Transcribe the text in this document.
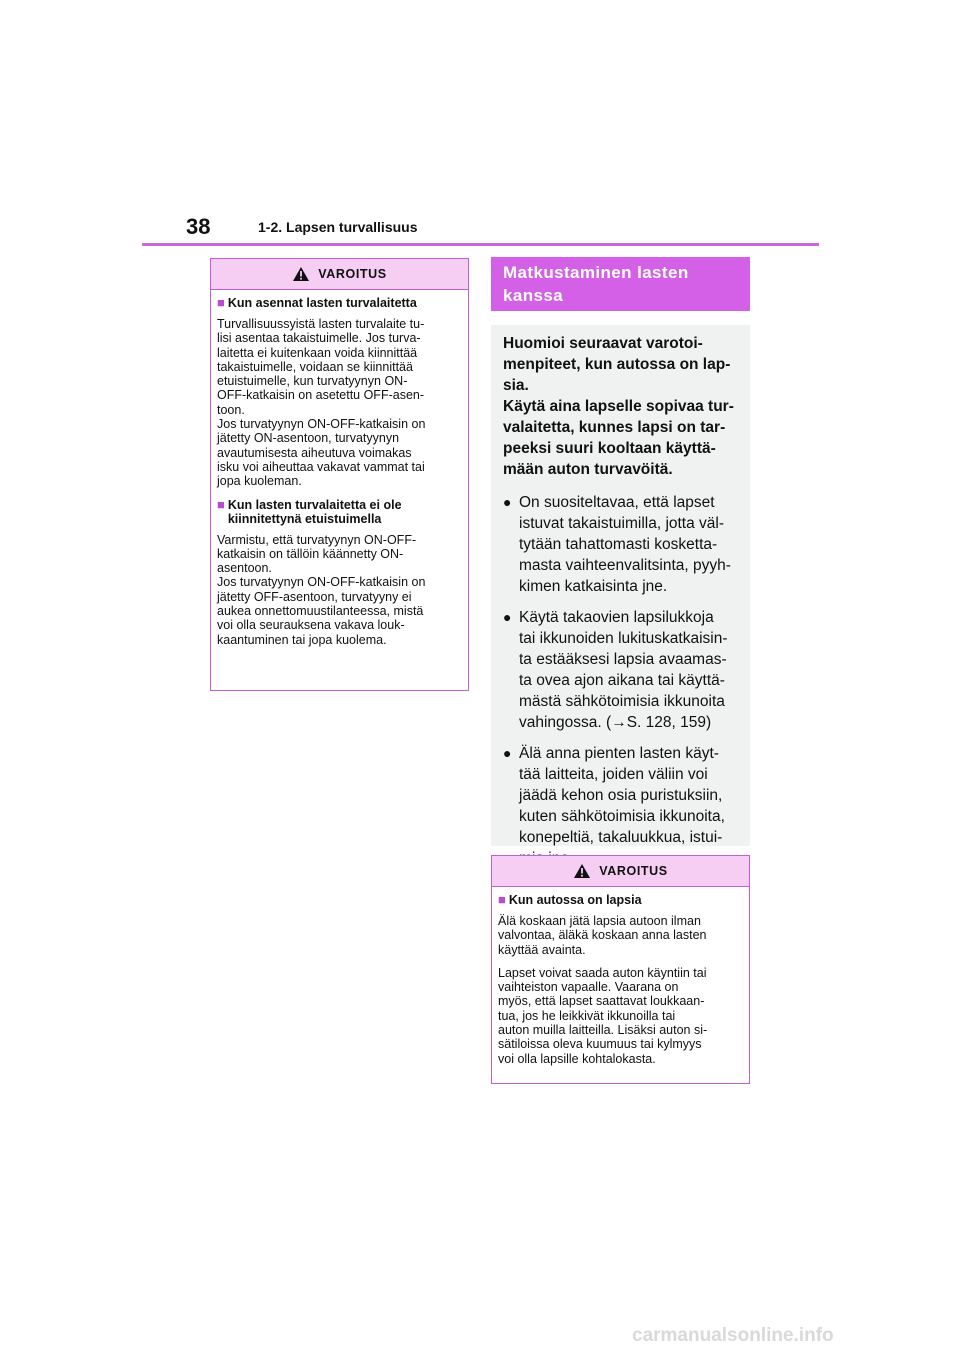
38	1-2. Lapsen turvallisuus
VAROITUS
■ Kun asennat lasten turvalaitetta
Turvallisuussyistä lasten turvalaite tu-
lisi asentaa takaistuimelle. Jos turva-
laitetta ei kuitenkaan voida kiinnittää
takaistuimelle, voidaan se kiinnittää
etuistuimelle, kun turvatyynyn ON-
OFF-katkaisin on asetettu OFF-asen-
toon.
Jos turvatyynyn ON-OFF-katkaisin on
jätetty ON-asentoon, turvatyynyn
avautumisesta aiheutuva voimakas
isku voi aiheuttaa vakavat vammat tai
jopa kuoleman.
■ Kun lasten turvalaitetta ei ole
kiinnitettynä etuistuimella
Varmistu, että turvatyynyn ON-OFF-
katkaisin on tällöin käännetty ON-
asentoon.
Jos turvatyynyn ON-OFF-katkaisin on
jätetty OFF-asentoon, turvatyyny ei
aukea onnettomuustilanteessa, mistä
voi olla seurauksena vakava louk-
kaantuminen tai jopa kuolema.
Matkustaminen lasten
kanssa
Huomioi seuraavat varotoi-
menpiteet, kun autossa on lap-
sia.
Käytä aina lapselle sopivaa tur-
valaitetta, kunnes lapsi on tar-
peeksi suuri kooltaan käyttä-
mään auton turvavöitä.
● On suositeltavaa, että lapset
istuvat takaistuimilla, jotta väl-
tytään tahattomasti kosketta-
masta vaihteenvalitsinta, pyyh-
kimen katkaisinta jne.
● Käytä takaovien lapsilukkoja
tai ikkunoiden lukituskatkaisin-
ta estääksesi lapsia avaamas-
ta ovea ajon aikana tai käyttä-
mästä sähkötoimisia ikkunoita
vahingossa. (→S. 128, 159)
● Älä anna pienten lasten käyt-
tää laitteita, joiden väliin voi
jäädä kehon osia puristuksiin,
kuten sähkötoimisia ikkunoita,
konepeltiä, takaluukkua, istui-

VAROITUS
■ Kun autossa on lapsia
Älä koskaan jätä lapsia autoon ilman
valvontaa, äläkä koskaan anna lasten
käyttää avainta.
Lapset voivat saada auton käyntiin tai
vaihteiston vapaalle. Vaarana on
myös, että lapset saattavat loukkaan-
tua, jos he leikkivät ikkunoilla tai
auton muilla laitteilla. Lisäksi auton si-
sätiloissa oleva kuumuus tai kylmyys
voi olla lapsille kohtalokasta.
carmanualsonline.info
